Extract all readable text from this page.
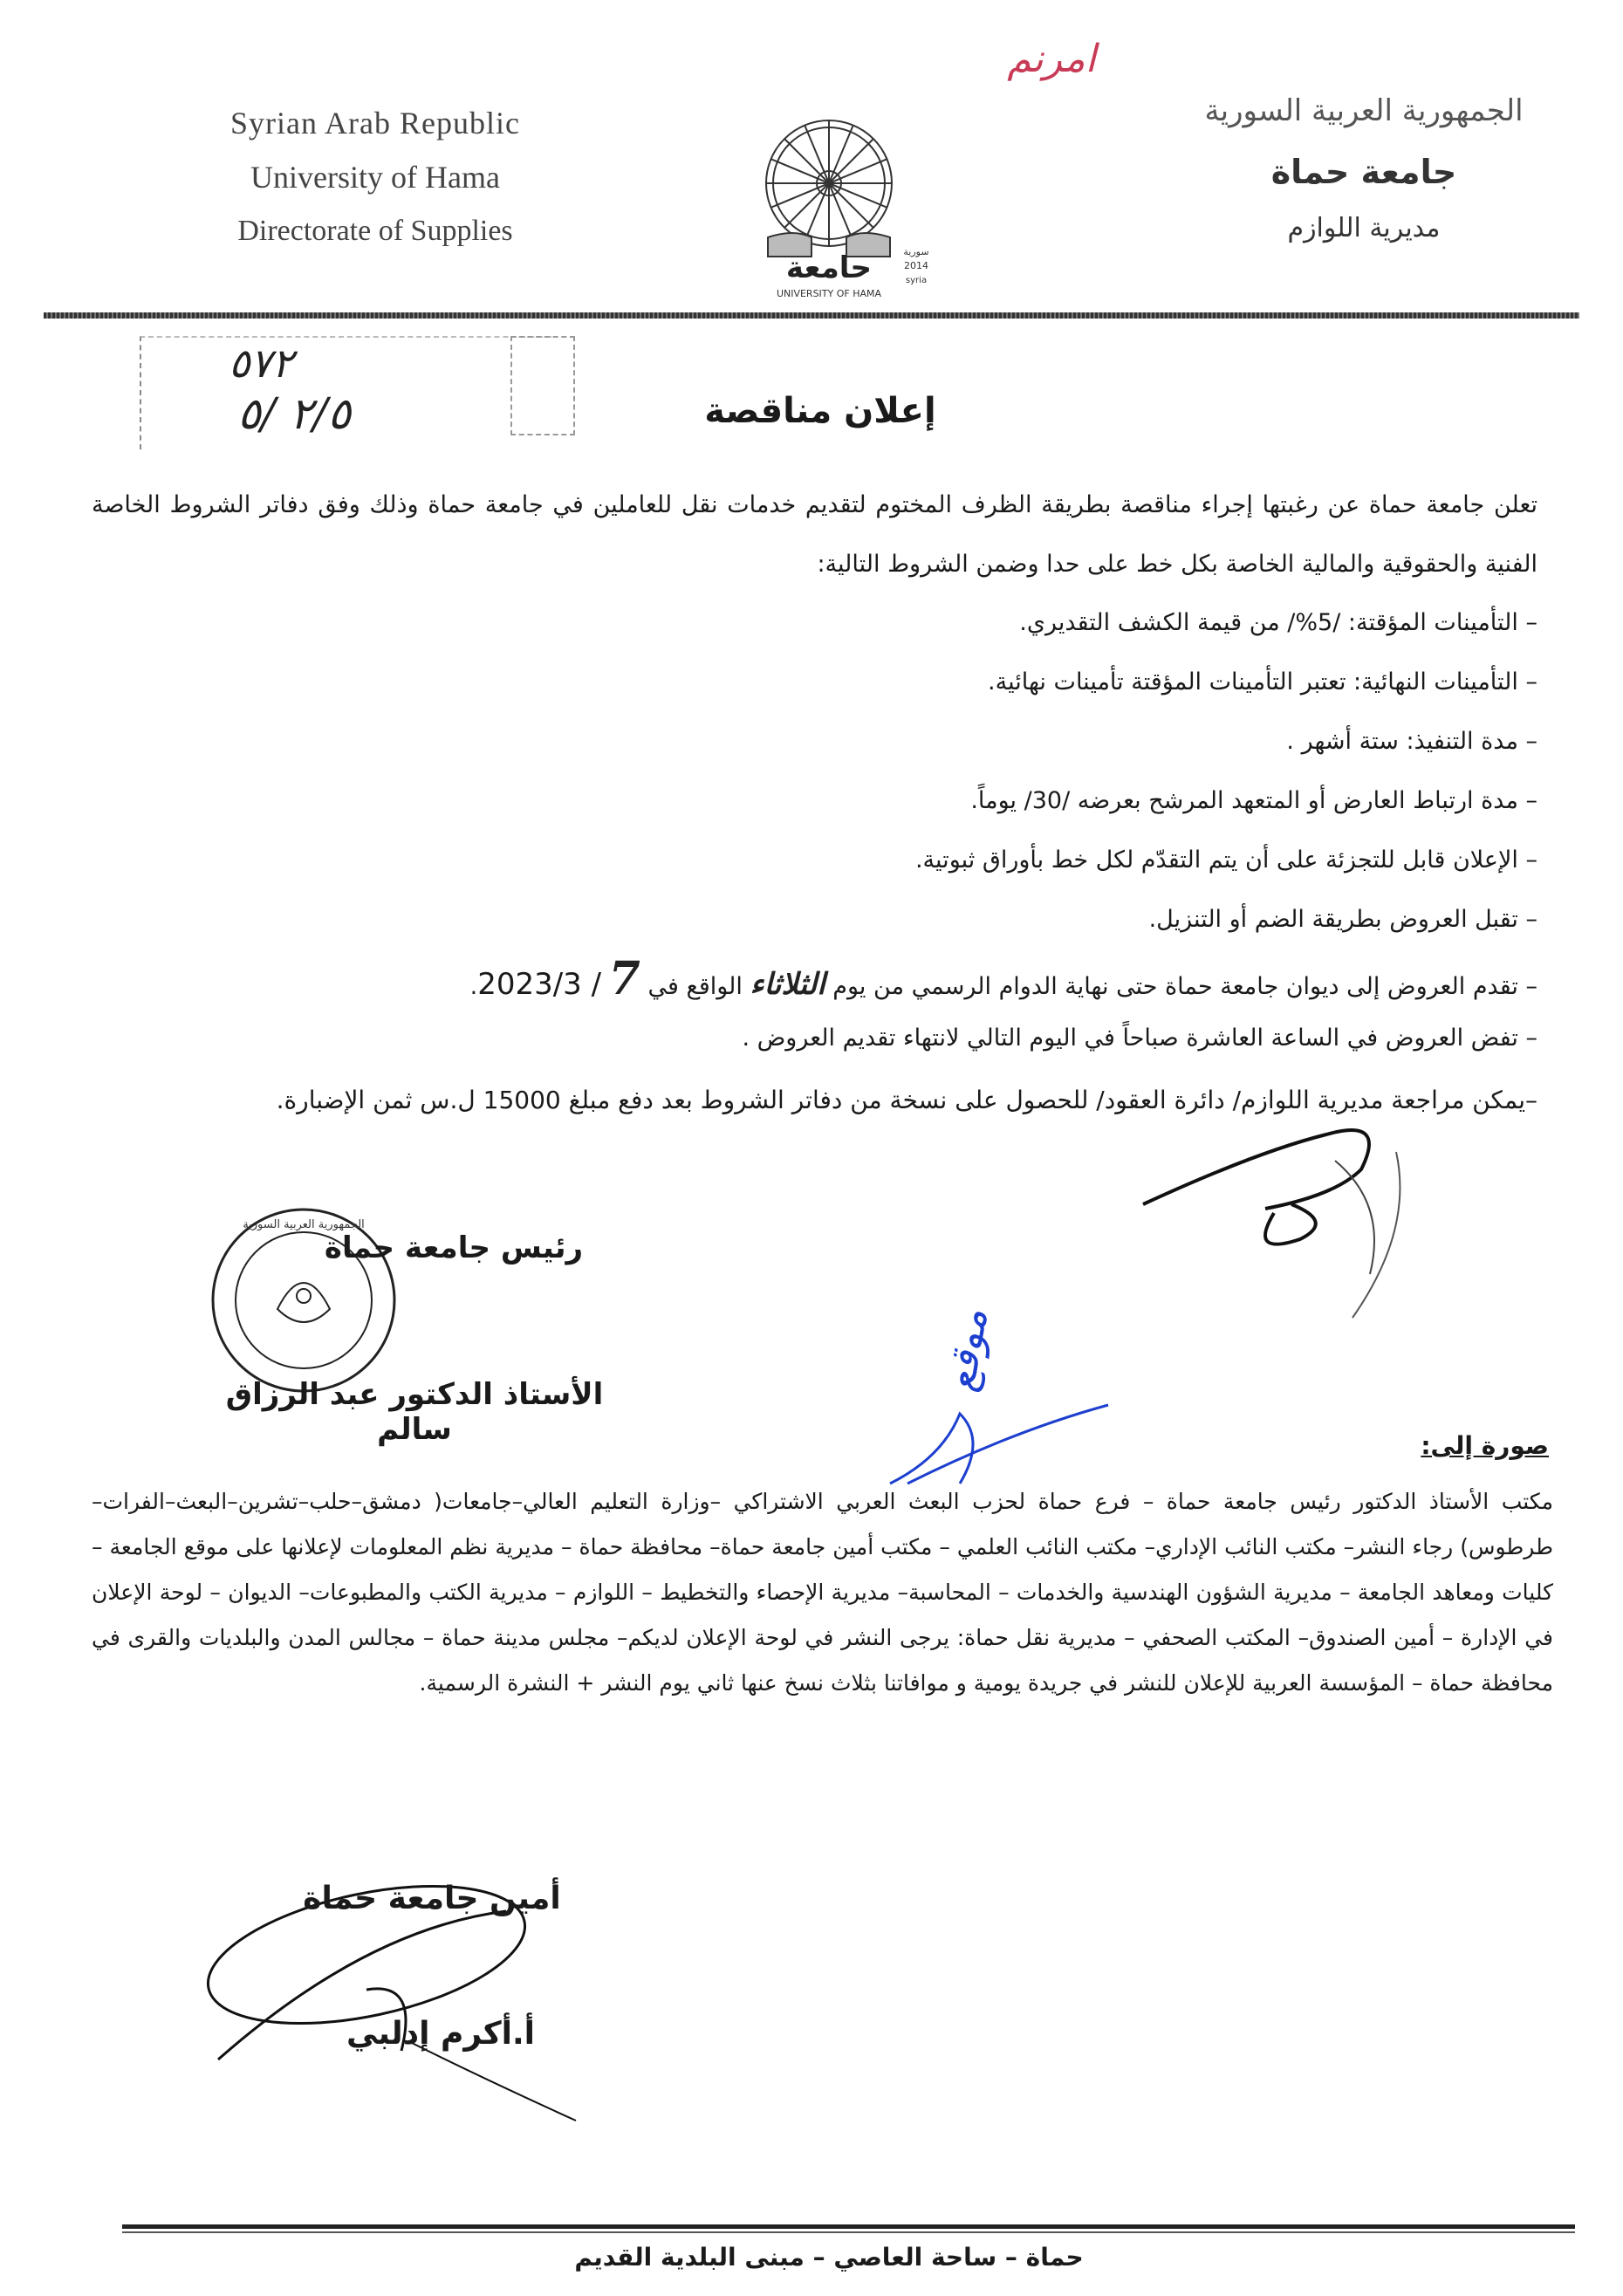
امرنم
Syrian Arab Republic
University of Hama
Directorate of Supplies
الجمهورية العربية السورية
جامعة حماة
مديرية اللوازم
حامعة
UNIVERSITY OF HAMA
سورية
2014
syria
٥٧٢
٢/٥ /٥	إعلان مناقصة
تعلن جامعة حماة عن رغبتها إجراء مناقصة بطريقة الظرف المختوم لتقديم خدمات نقل للعاملين في جامعة حماة وذلك وفق دفاتر الشروط الخاصة الفنية والحقوقية والمالية الخاصة بكل خط على حدا وضمن الشروط التالية:
– التأمينات المؤقتة: /5%/ من قيمة الكشف التقديري.
– التأمينات النهائية: تعتبر التأمينات المؤقتة تأمينات نهائية.
– مدة التنفيذ: ستة أشهر .
– مدة ارتباط العارض أو المتعهد المرشح بعرضه /30/ يوماً.
– الإعلان قابل للتجزئة على أن يتم التقدّم لكل خط بأوراق ثبوتية.
– تقبل العروض بطريقة الضم أو التنزيل.
– تقدم العروض إلى ديوان جامعة حماة حتى نهاية الدوام الرسمي من يوم الثلاثاء الواقع في 7 2023/3 /.
– تفض العروض في الساعة العاشرة صباحاً في اليوم التالي لانتهاء تقديم العروض .
–يمكن مراجعة مديرية اللوازم/ دائرة العقود/ للحصول على نسخة من دفاتر الشروط بعد دفع مبلغ 15000 ل.س ثمن الإضبارة.
الجمهورية العربية السورية
رئيس جامعة حماة
الأستاذ الدكتور عبد الرزاق سالم
موقع
صورة إلى:
مكتب الأستاذ الدكتور رئيس جامعة حماة – فرع حماة لحزب البعث العربي الاشتراكي –وزارة التعليم العالي–جامعات( دمشق–حلب–تشرين–البعث–الفرات–طرطوس) رجاء النشر– مكتب النائب الإداري– مكتب النائب العلمي – مكتب أمين جامعة حماة– محافظة حماة – مديرية نظم المعلومات لإعلانها على موقع الجامعة –كليات ومعاهد الجامعة – مديرية الشؤون الهندسية والخدمات – المحاسبة– مديرية الإحصاء والتخطيط – اللوازم – مديرية الكتب والمطبوعات– الديوان – لوحة الإعلان في الإدارة – أمين الصندوق– المكتب الصحفي – مديرية نقل حماة: يرجى النشر في لوحة الإعلان لديكم– مجلس مدينة حماة – مجالس المدن والبلديات والقرى في محافظة حماة – المؤسسة العربية للإعلان للنشر في جريدة يومية و موافاتنا بثلاث نسخ عنها ثاني يوم النشر + النشرة الرسمية.
أمين جامعة حماة
أ.أكرم إدلبي
حماة – ساحة العاصي – مبنى البلدية القديم
